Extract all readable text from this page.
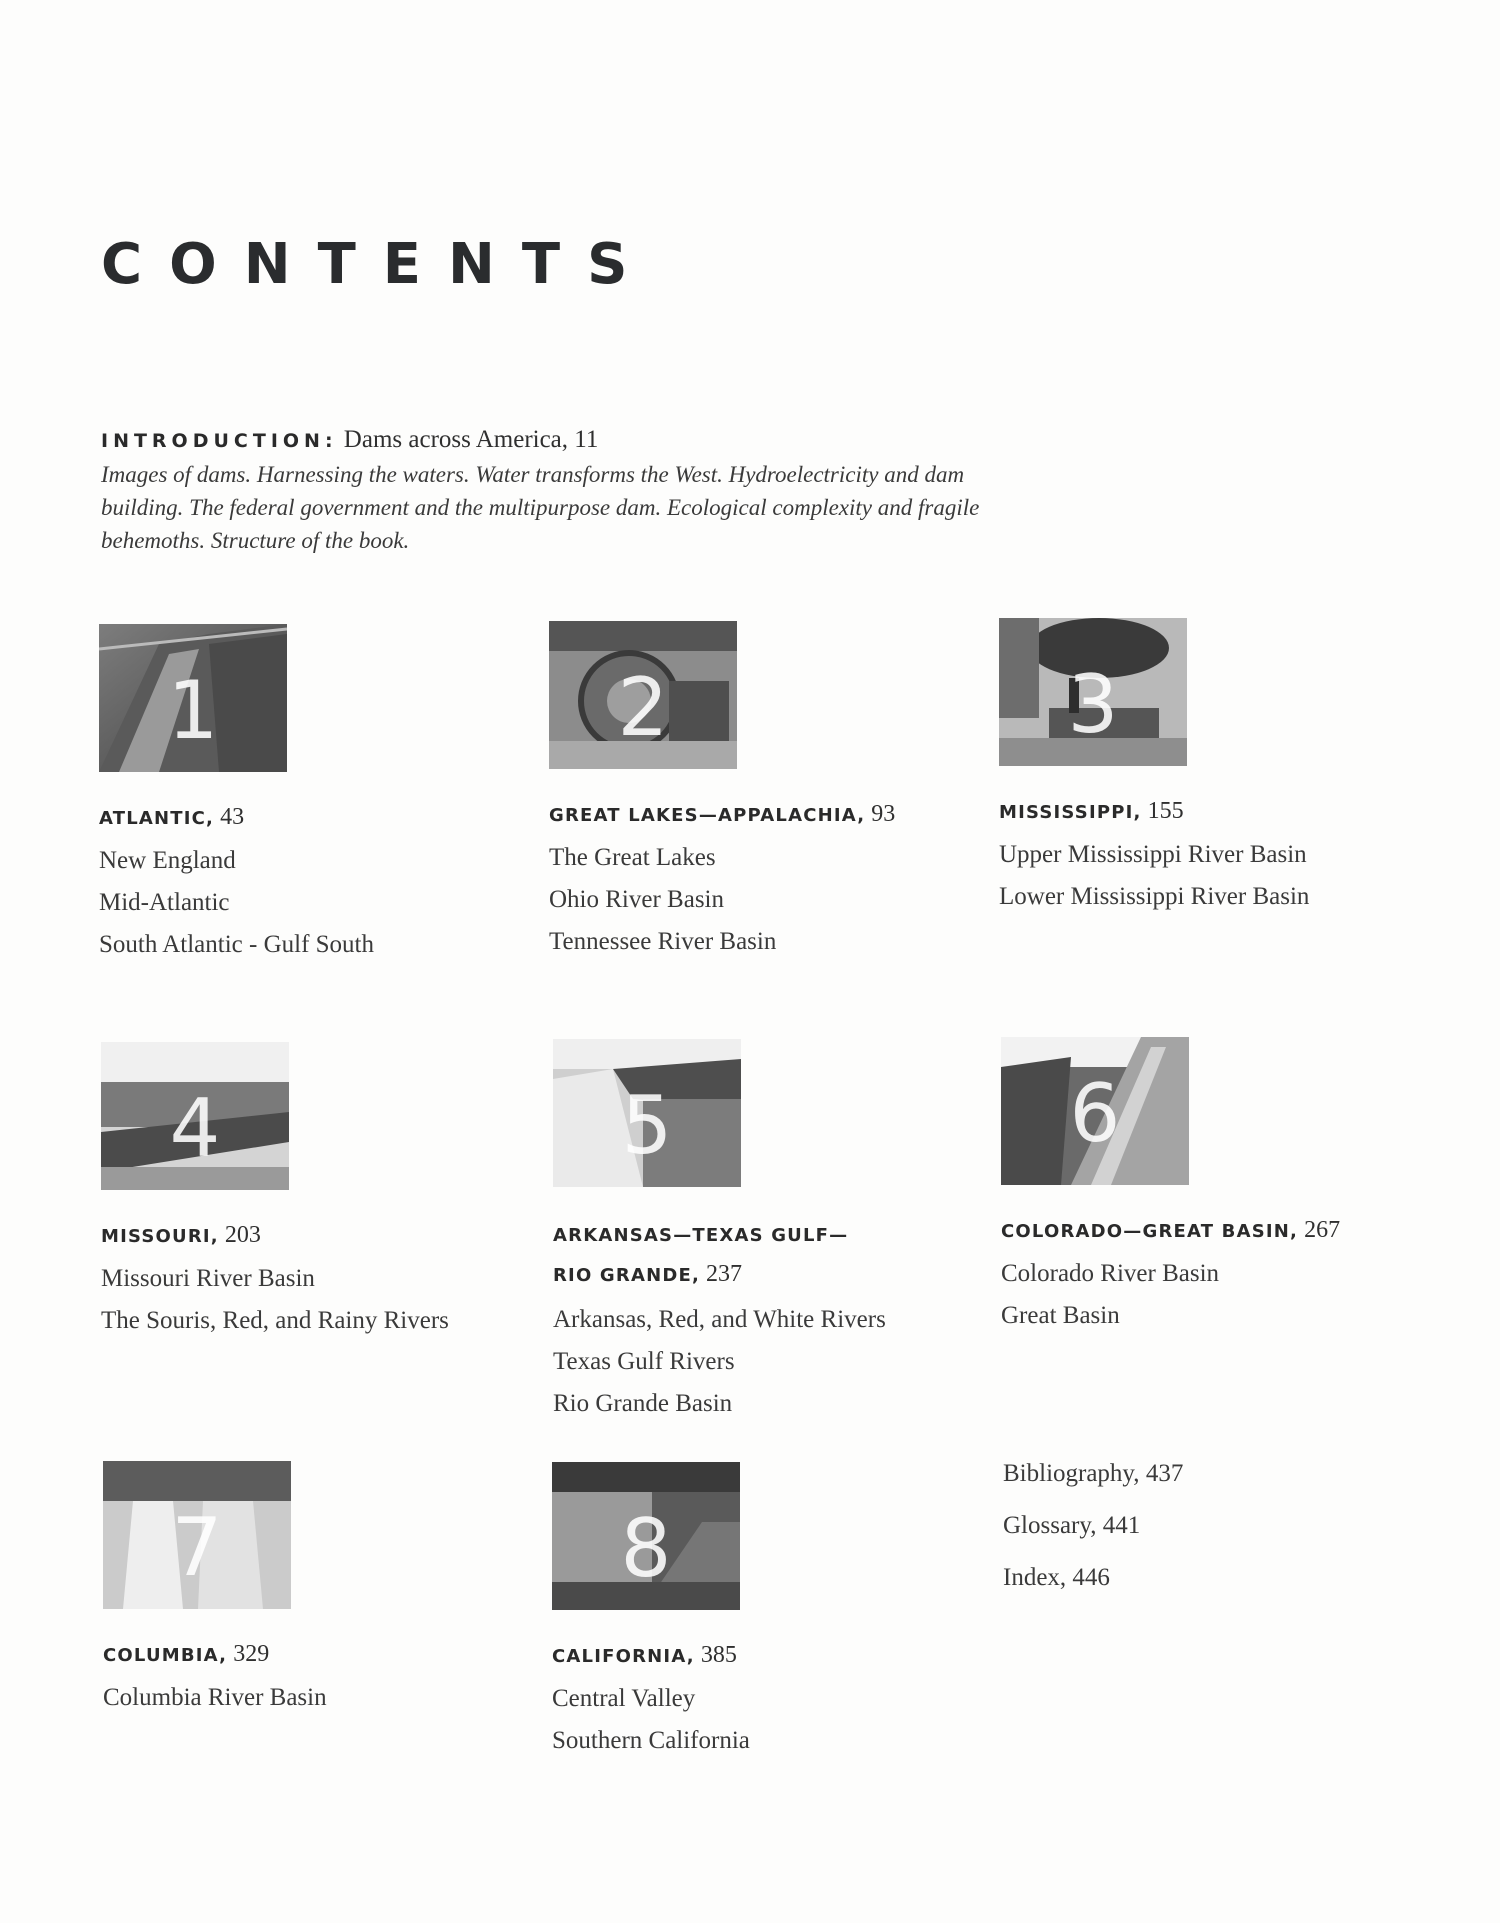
CONTENTS
INTRODUCTION: Dams across America, 11
Images of dams. Harnessing the waters. Water transforms the West. Hydroelectricity and dam building. The federal government and the multipurpose dam. Ecological complexity and fragile behemoths. Structure of the book.
ATLANTIC, 43
New England
Mid-Atlantic
South Atlantic - Gulf South
1
GREAT LAKES—APPALACHIA, 93
The Great Lakes
Ohio River Basin
Tennessee River Basin
2
MISSISSIPPI, 155
Upper Mississippi River Basin
Lower Mississippi River Basin
3
MISSOURI, 203
Missouri River Basin
The Souris, Red, and Rainy Rivers
4
ARKANSAS—TEXAS GULF—RIO GRANDE, 237
Arkansas, Red, and White Rivers
Texas Gulf Rivers
Rio Grande Basin
5
COLORADO—GREAT BASIN, 267
Colorado River Basin
Great Basin
6
COLUMBIA, 329
Columbia River Basin
7
CALIFORNIA, 385
Central Valley
Southern California
8
Bibliography, 437
Glossary, 441
Index, 446
